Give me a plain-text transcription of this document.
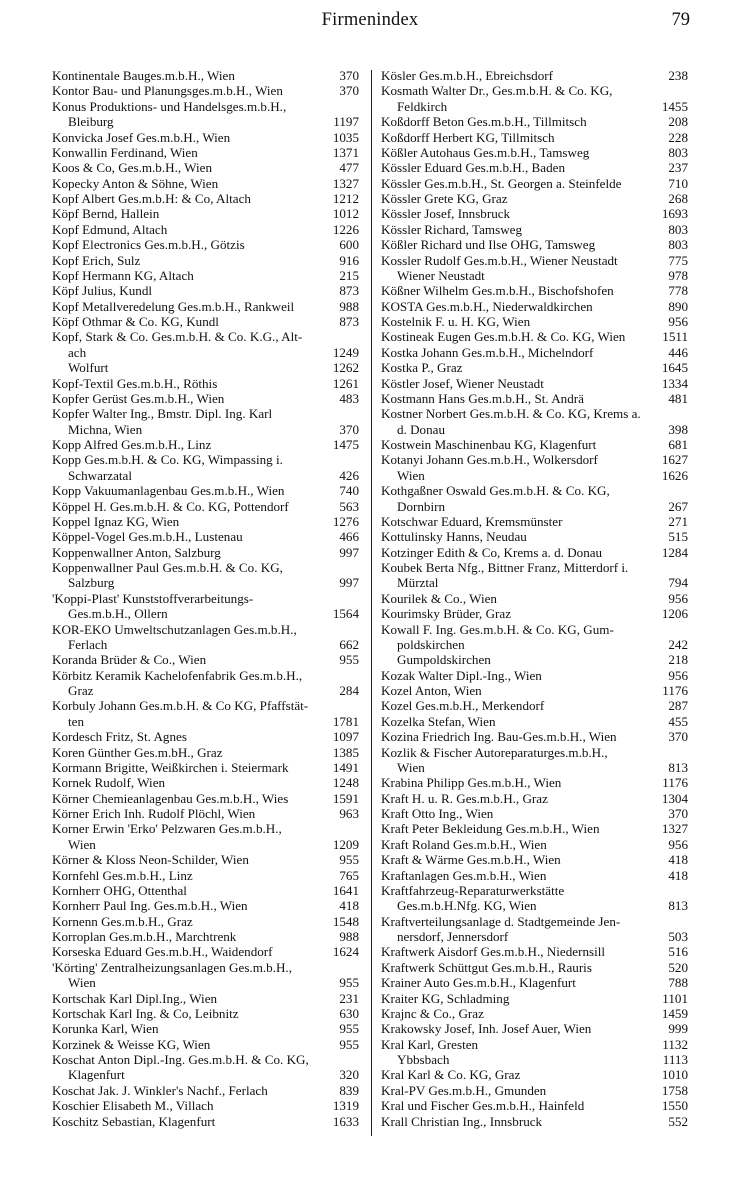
Firmenindex	79
Kontinentale Bauges.m.b.H., Wien	370
Kontor Bau- und Planungsges.m.b.H., Wien	370
Konus Produktions- und Handelsges.m.b.H.,
Bleiburg	1197
Konvicka Josef Ges.m.b.H., Wien	1035
Konwallin Ferdinand, Wien	1371
Koos & Co, Ges.m.b.H., Wien	477
Kopecky Anton & Söhne, Wien	1327
Kopf Albert Ges.m.b.H: & Co, Altach	1212
Köpf Bernd, Hallein	1012
Kopf Edmund, Altach	1226
Kopf Electronics Ges.m.b.H., Götzis	600
Kopf Erich, Sulz	916
Kopf Hermann KG, Altach	215
Köpf Julius, Kundl	873
Kopf Metallveredelung Ges.m.b.H., Rankweil	988
Köpf Othmar & Co. KG, Kundl	873
Kopf, Stark & Co. Ges.m.b.H. & Co. K.G., Alt-
ach	1249
Wolfurt	1262
Kopf-Textil Ges.m.b.H., Röthis	1261
Kopfer Gerüst Ges.m.b.H., Wien	483
Kopfer Walter Ing., Bmstr. Dipl. Ing. Karl
Michna, Wien	370
Kopp Alfred Ges.m.b.H., Linz	1475
Kopp Ges.m.b.H. & Co. KG, Wimpassing i.
Schwarzatal	426
Kopp Vakuumanlagenbau Ges.m.b.H., Wien	740
Köppel H. Ges.m.b.H. & Co. KG, Pottendorf	563
Koppel Ignaz KG, Wien	1276
Köppel-Vogel Ges.m.b.H., Lustenau	466
Koppenwallner Anton, Salzburg	997
Koppenwallner Paul Ges.m.b.H. & Co. KG,
Salzburg	997
'Koppi-Plast' Kunststoffverarbeitungs-
Ges.m.b.H., Ollern	1564
KOR-EKO Umweltschutzanlagen Ges.m.b.H.,
Ferlach	662
Koranda Brüder & Co., Wien	955
Körbitz Keramik Kachelofenfabrik Ges.m.b.H.,
Graz	284
Korbuly Johann Ges.m.b.H. & Co KG, Pfaffstät-
ten	1781
Kordesch Fritz, St. Agnes	1097
Koren Günther Ges.m.bH., Graz	1385
Kormann Brigitte, Weißkirchen i. Steiermark	1491
Kornek Rudolf, Wien	1248
Körner Chemieanlagenbau Ges.m.b.H., Wies	1591
Körner Erich Inh. Rudolf Plöchl, Wien	963
Korner Erwin 'Erko' Pelzwaren Ges.m.b.H.,
Wien	1209
Körner & Kloss Neon-Schilder, Wien	955
Kornfehl Ges.m.b.H., Linz	765
Kornherr OHG, Ottenthal	1641
Kornherr Paul Ing. Ges.m.b.H., Wien	418
Kornenn Ges.m.b.H., Graz	1548
Korroplan Ges.m.b.H., Marchtrenk	988
Korseska Eduard Ges.m.b.H., Waidendorf	1624
'Körting' Zentralheizungsanlagen Ges.m.b.H.,
Wien	955
Kortschak Karl Dipl.Ing., Wien	231
Kortschak Karl Ing. & Co, Leibnitz	630
Korunka Karl, Wien	955
Korzinek & Weisse KG, Wien	955
Koschat Anton Dipl.-Ing. Ges.m.b.H. & Co. KG,
Klagenfurt	320
Koschat Jak. J. Winkler's Nachf., Ferlach	839
Koschier Elisabeth M., Villach	1319
Koschitz Sebastian, Klagenfurt	1633
Kösler Ges.m.b.H., Ebreichsdorf	238
Kosmath Walter Dr., Ges.m.b.H. & Co. KG,
Feldkirch	1455
Koßdorff Beton Ges.m.b.H., Tillmitsch	208
Koßdorff Herbert KG, Tillmitsch	228
Kößler Autohaus Ges.m.b.H., Tamsweg	803
Kössler Eduard Ges.m.b.H., Baden	237
Kössler Ges.m.b.H., St. Georgen a. Steinfelde	710
Kössler Grete KG, Graz	268
Kössler Josef, Innsbruck	1693
Kössler Richard, Tamsweg	803
Kößler Richard und Ilse OHG, Tamsweg	803
Kossler Rudolf Ges.m.b.H., Wiener Neustadt	775
Wiener Neustadt	978
Kößner Wilhelm Ges.m.b.H., Bischofshofen	778
KOSTA Ges.m.b.H., Niederwaldkirchen	890
Kostelnik F. u. H. KG, Wien	956
Kostineak Eugen Ges.m.b.H. & Co. KG, Wien	1511
Kostka Johann Ges.m.b.H., Michelndorf	446
Kostka P., Graz	1645
Köstler Josef, Wiener Neustadt	1334
Kostmann Hans Ges.m.b.H., St. Andrä	481
Kostner Norbert Ges.m.b.H. & Co. KG, Krems a.
d. Donau	398
Kostwein Maschinenbau KG, Klagenfurt	681
Kotanyi Johann Ges.m.b.H., Wolkersdorf	1627
Wien	1626
Kothgaßner Oswald Ges.m.b.H. & Co. KG,
Dornbirn	267
Kotschwar Eduard, Kremsmünster	271
Kottulinsky Hanns, Neudau	515
Kotzinger Edith & Co, Krems a. d. Donau	1284
Koubek Berta Nfg., Bittner Franz, Mitterdorf i.
Mürztal	794
Kourilek & Co., Wien	956
Kourimsky Brüder, Graz	1206
Kowall F. Ing. Ges.m.b.H. & Co. KG, Gum-
poldskirchen	242
Gumpoldskirchen	218
Kozak Walter Dipl.-Ing., Wien	956
Kozel Anton, Wien	1176
Kozel Ges.m.b.H., Merkendorf	287
Kozelka Stefan, Wien	455
Kozina Friedrich Ing. Bau-Ges.m.b.H., Wien	370
Kozlik & Fischer Autoreparaturges.m.b.H.,
Wien	813
Krabina Philipp Ges.m.b.H., Wien	1176
Kraft H. u. R. Ges.m.b.H., Graz	1304
Kraft Otto Ing., Wien	370
Kraft Peter Bekleidung Ges.m.b.H., Wien	1327
Kraft Roland Ges.m.b.H., Wien	956
Kraft & Wärme Ges.m.b.H., Wien	418
Kraftanlagen Ges.m.b.H., Wien	418
Kraftfahrzeug-Reparaturwerkstätte
Ges.m.b.H.Nfg. KG, Wien	813
Kraftverteilungsanlage d. Stadtgemeinde Jen-
nersdorf, Jennersdorf	503
Kraftwerk Aisdorf Ges.m.b.H., Niedernsill	516
Kraftwerk Schüttgut Ges.m.b.H., Rauris	520
Krainer Auto Ges.m.b.H., Klagenfurt	788
Kraiter KG, Schladming	1101
Krajnc & Co., Graz	1459
Krakowsky Josef, Inh. Josef Auer, Wien	999
Kral Karl, Gresten	1132
Ybbsbach	1113
Kral Karl & Co. KG, Graz	1010
Kral-PV Ges.m.b.H., Gmunden	1758
Kral und Fischer Ges.m.b.H., Hainfeld	1550
Krall Christian Ing., Innsbruck	552
